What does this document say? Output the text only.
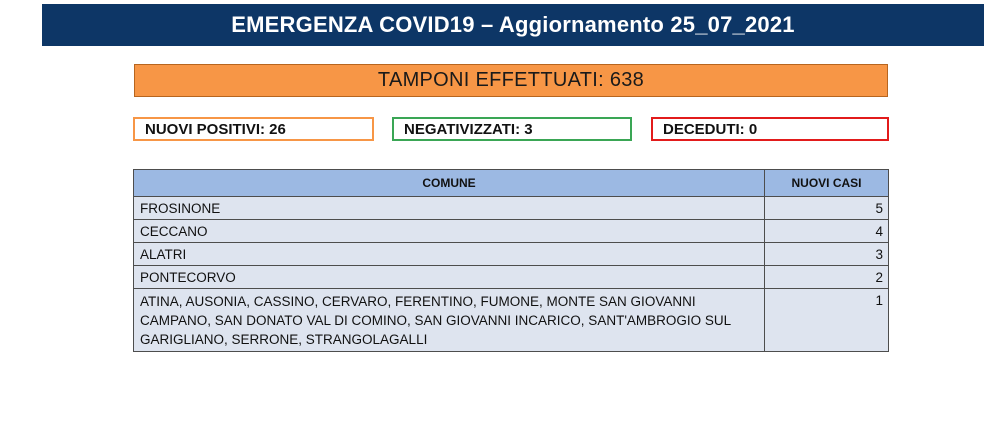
EMERGENZA COVID19 – Aggiornamento 25_07_2021
TAMPONI EFFETTUATI: 638
NUOVI POSITIVI: 26	NEGATIVIZZATI: 3	DECEDUTI: 0
COMUNE	NUOVI CASI
FROSINONE	5
CECCANO	4
ALATRI	3
PONTECORVO	2
ATINA, AUSONIA, CASSINO, CERVARO, FERENTINO, FUMONE, MONTE SAN GIOVANNI CAMPANO, SAN DONATO VAL DI COMINO, SAN GIOVANNI INCARICO, SANT'AMBROGIO SUL GARIGLIANO, SERRONE, STRANGOLAGALLI	1
